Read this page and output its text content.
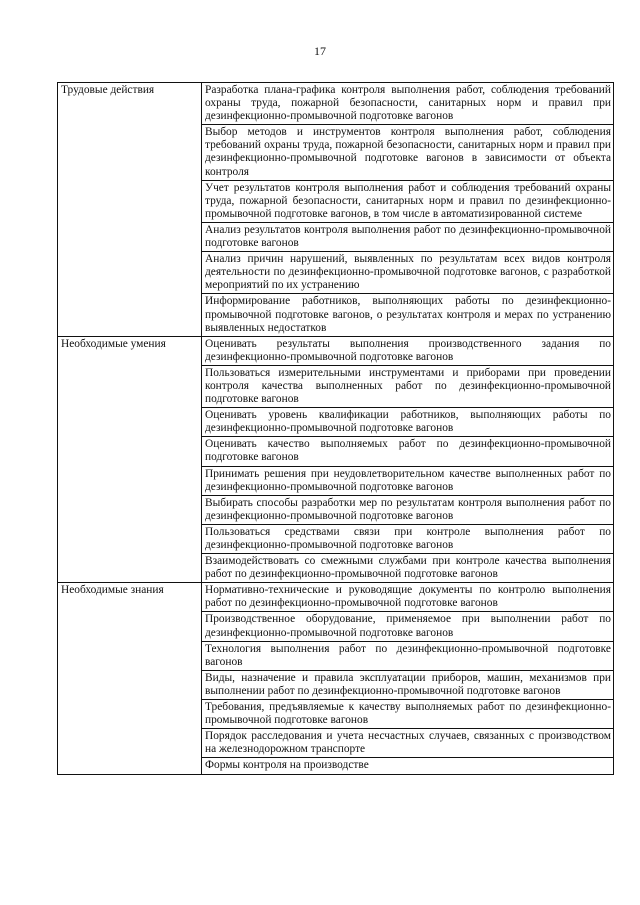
17
Трудовые действия	Разработка плана-графика контроля выполнения работ, соблюдения требований охраны труда, пожарной безопасности, санитарных норм и правил при дезинфекционно-промывочной подготовке вагонов
	Выбор методов и инструментов контроля выполнения работ, соблюдения требований охраны труда, пожарной безопасности, санитарных норм и правил при дезинфекционно-промывочной подготовке вагонов в зависимости от объекта контроля
	Учет результатов контроля выполнения работ и соблюдения требований охраны труда, пожарной безопасности, санитарных норм и правил по дезинфекционно-промывочной подготовке вагонов, в том числе в автоматизированной системе
	Анализ результатов контроля выполнения работ по дезинфекционно-промывочной подготовке вагонов
	Анализ причин нарушений, выявленных по результатам всех видов контроля деятельности по дезинфекционно-промывочной подготовке вагонов, с разработкой мероприятий по их устранению
	Информирование работников, выполняющих работы по дезинфекционно-промывочной подготовке вагонов, о результатах контроля и мерах по устранению выявленных недостатков
Необходимые умения	Оценивать результаты выполнения производственного задания по дезинфекционно-промывочной подготовке вагонов
	Пользоваться измерительными инструментами и приборами при проведении контроля качества выполненных работ по дезинфекционно-промывочной подготовке вагонов
	Оценивать уровень квалификации работников, выполняющих работы по дезинфекционно-промывочной подготовке вагонов
	Оценивать качество выполняемых работ по дезинфекционно-промывочной подготовке вагонов
	Принимать решения при неудовлетворительном качестве выполненных работ по дезинфекционно-промывочной подготовке вагонов
	Выбирать способы разработки мер по результатам контроля выполнения работ по дезинфекционно-промывочной подготовке вагонов
	Пользоваться средствами связи при контроле выполнения работ по дезинфекционно-промывочной подготовке вагонов
	Взаимодействовать со смежными службами при контроле качества выполнения работ по дезинфекционно-промывочной подготовке вагонов
Необходимые знания	Нормативно-технические и руководящие документы по контролю выполнения работ по дезинфекционно-промывочной подготовке вагонов
	Производственное оборудование, применяемое при выполнении работ по дезинфекционно-промывочной подготовке вагонов
	Технология выполнения работ по дезинфекционно-промывочной подготовке вагонов
	Виды, назначение и правила эксплуатации приборов, машин, механизмов при выполнении работ по дезинфекционно-промывочной подготовке вагонов
	Требования, предъявляемые к качеству выполняемых работ по дезинфекционно-промывочной подготовке вагонов
	Порядок расследования и учета несчастных случаев, связанных с производством на железнодорожном транспорте
	Формы контроля на производстве
